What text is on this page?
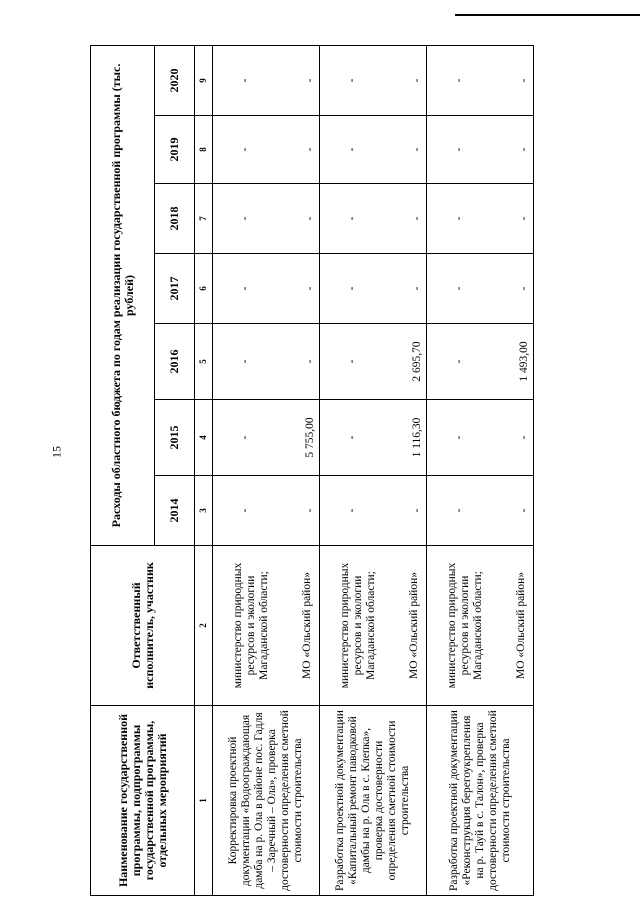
15
Наименование государственной программы, подпрограммы государственной программы, отдельных мероприятий	Ответственный исполнитель, участник	Расходы областного бюджета по годам реализации государственной программы (тыс. рублей)						
		2014	2015	2016	2017	2018	2019	2020
1	2	3	4	5	6	7	8	9
Корректировка проектной документации «Водоограждающая дамба на р. Ола в районе пос. Гадля – Заречный – Ола», проверка достоверности определения сметной стоимости строительства	министерство природных ресурсов и экологии Магаданской области; МО «Ольский район»	- -	- 5 755,00	- -	- -	- -	- -	- -

Разработка проектной документации «Капитальный ремонт паводковой дамбы на р. Ола в с. Клепка», проверка достоверности определения сметной стоимости строительства	министерство природных ресурсов и экологии Магаданской области; МО «Ольский район»	- -	- 1 116,30	- 2 695,70	- -	- -	- -	- -

Разработка проектной документации «Реконструкция берегоукрепления на р. Тауй в с. Талон», проверка достоверности определения сметной стоимости строительства	министерство природных ресурсов и экологии Магаданской области; МО «Ольский район»	- -	- -	- 1 493,00	- -	- -	- -	- -
